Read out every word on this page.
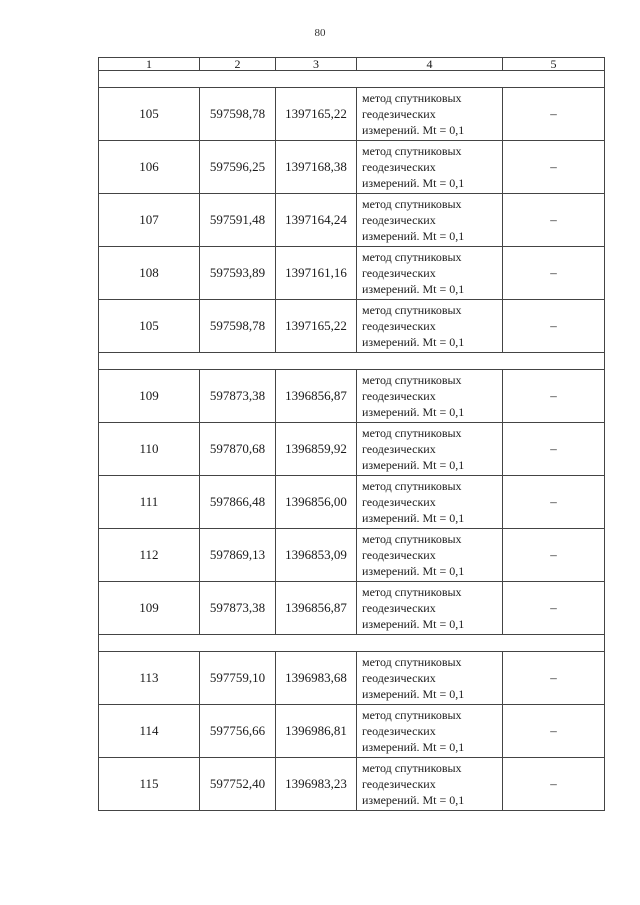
80
1	2	3	4	5

105	597598,78	1397165,22	метод спутниковых
геодезических
измерений. Mt = 0,1	–
106	597596,25	1397168,38	метод спутниковых
геодезических
измерений. Mt = 0,1	–
107	597591,48	1397164,24	метод спутниковых
геодезических
измерений. Mt = 0,1	–
108	597593,89	1397161,16	метод спутниковых
геодезических
измерений. Mt = 0,1	–
105	597598,78	1397165,22	метод спутниковых
геодезических
измерений. Mt = 0,1	–

109	597873,38	1396856,87	метод спутниковых
геодезических
измерений. Mt = 0,1	–
110	597870,68	1396859,92	метод спутниковых
геодезических
измерений. Mt = 0,1	–
111	597866,48	1396856,00	метод спутниковых
геодезических
измерений. Mt = 0,1	–
112	597869,13	1396853,09	метод спутниковых
геодезических
измерений. Mt = 0,1	–
109	597873,38	1396856,87	метод спутниковых
геодезических
измерений. Mt = 0,1	–

113	597759,10	1396983,68	метод спутниковых
геодезических
измерений. Mt = 0,1	–
114	597756,66	1396986,81	метод спутниковых
геодезических
измерений. Mt = 0,1	–
115	597752,40	1396983,23	метод спутниковых
геодезических
измерений. Mt = 0,1	–
